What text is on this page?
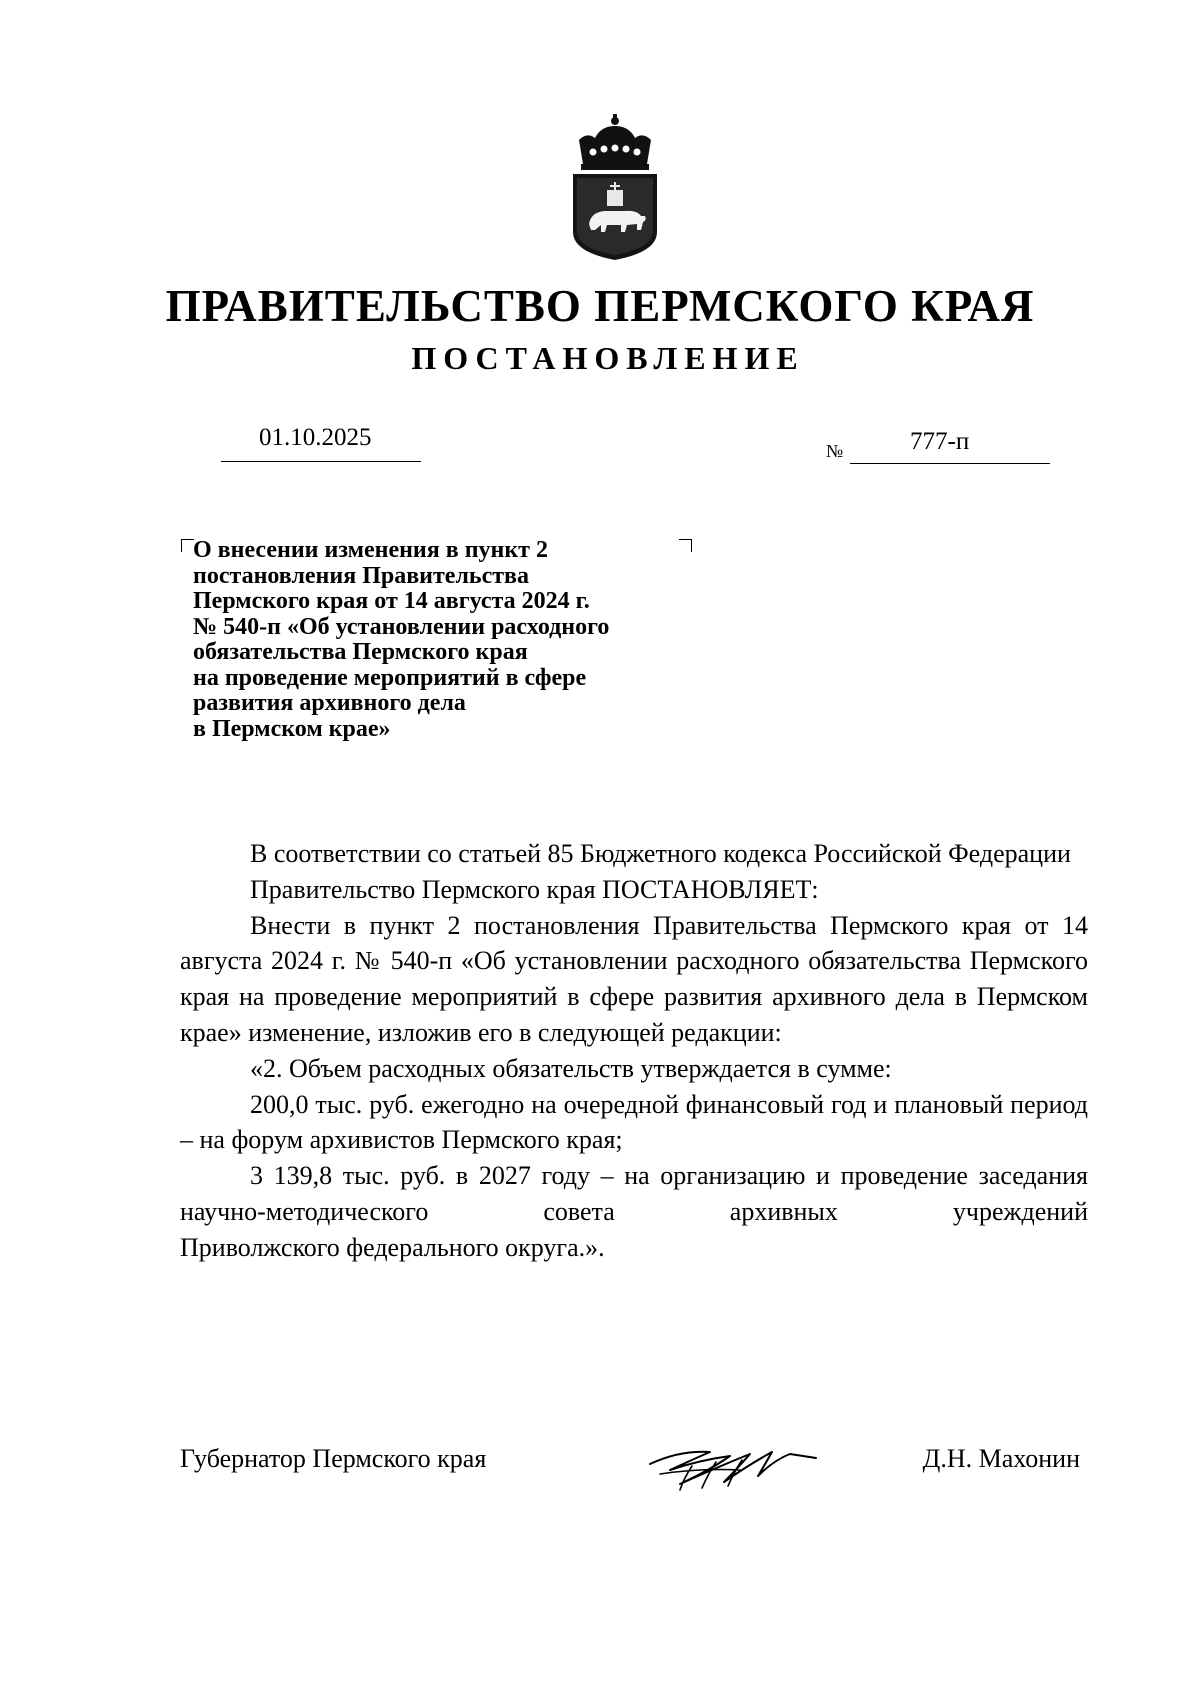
ПРАВИТЕЛЬСТВО ПЕРМСКОГО КРАЯ
ПОСТАНОВЛЕНИЕ
01.10.2025	№	777-п
О внесении изменения в пункт 2
постановления Правительства
Пермского края от 14 августа 2024 г.
№ 540-п «Об установлении расходного
обязательства Пермского края
на проведение мероприятий в сфере
развития архивного дела
в Пермском крае»

В соответствии со статьей 85 Бюджетного кодекса Российской Федерации

Правительство Пермского края ПОСТАНОВЛЯЕТ:

Внести в пункт 2 постановления Правительства Пермского края от 14 августа 2024 г. № 540-п «Об установлении расходного обязательства Пермского края на проведение мероприятий в сфере развития архивного дела в Пермском крае» изменение, изложив его в следующей редакции:

«2. Объем расходных обязательств утверждается в сумме:

200,0 тыс. руб. ежегодно на очередной финансовый год и плановый период – на форум архивистов Пермского края;

3 139,8 тыс. руб. в 2027 году – на организацию и проведение заседания научно-методического совета архивных учреждений

Приволжского федерального округа.».

Губернатор Пермского края	Д.Н. Махонин
